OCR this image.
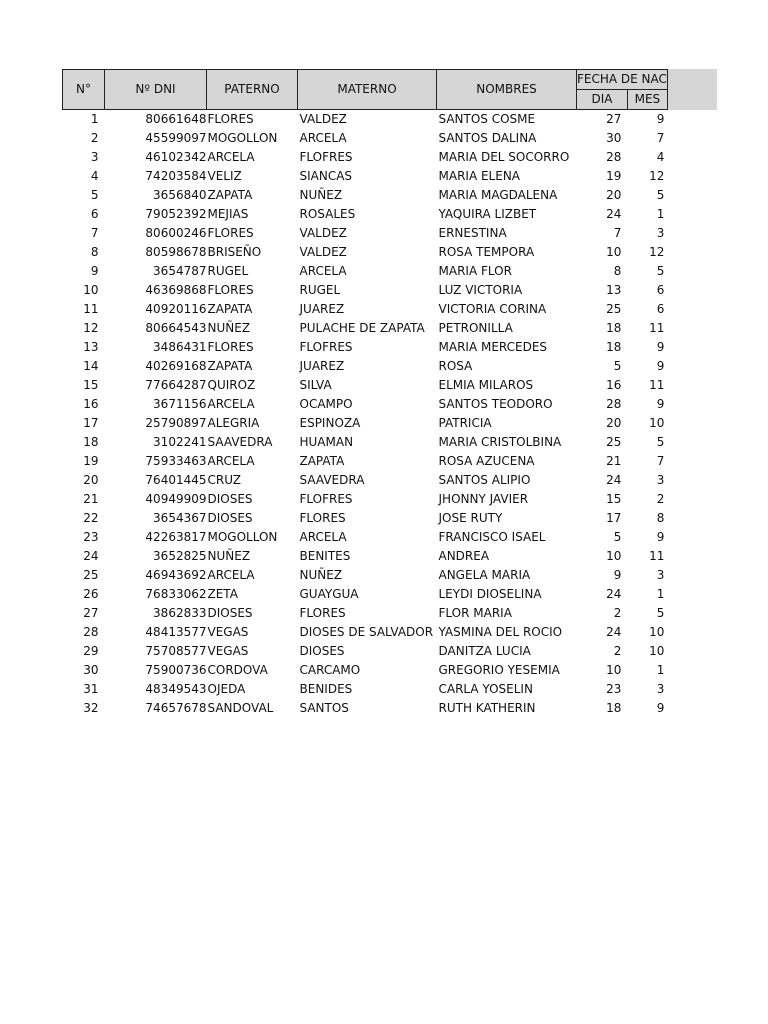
N°	Nº DNI	PATERNO	MATERNO	NOMBRES	FECHA DE NAC		
					DIA	MES	
1	80661648	FLORES	VALDEZ	SANTOS COSME	27	9	
2	45599097	MOGOLLON	ARCELA	SANTOS DALINA	30	7	
3	46102342	ARCELA	FLOFRES	MARIA DEL SOCORRO	28	4	
4	74203584	VELIZ	SIANCAS	MARIA ELENA	19	12	
5	3656840	ZAPATA	NUÑEZ	MARIA MAGDALENA	20	5	
6	79052392	MEJIAS	ROSALES	YAQUIRA LIZBET	24	1	
7	80600246	FLORES	VALDEZ	ERNESTINA	7	3	
8	80598678	BRISEÑO	VALDEZ	ROSA TEMPORA	10	12	
9	3654787	RUGEL	ARCELA	MARIA FLOR	8	5	
10	46369868	FLORES	RUGEL	LUZ VICTORIA	13	6	
11	40920116	ZAPATA	JUAREZ	VICTORIA CORINA	25	6	
12	80664543	NUÑEZ	PULACHE DE ZAPATA	PETRONILLA	18	11	
13	3486431	FLORES	FLOFRES	MARIA MERCEDES	18	9	
14	40269168	ZAPATA	JUAREZ	ROSA	5	9	
15	77664287	QUIROZ	SILVA	ELMIA MILAROS	16	11	
16	3671156	ARCELA	OCAMPO	SANTOS TEODORO	28	9	
17	25790897	ALEGRIA	ESPINOZA	PATRICIA	20	10	
18	3102241	SAAVEDRA	HUAMAN	MARIA CRISTOLBINA	25	5	
19	75933463	ARCELA	ZAPATA	ROSA AZUCENA	21	7	
20	76401445	CRUZ	SAAVEDRA	SANTOS ALIPIO	24	3	
21	40949909	DIOSES	FLOFRES	JHONNY JAVIER	15	2	
22	3654367	DIOSES	FLORES	JOSE RUTY	17	8	
23	42263817	MOGOLLON	ARCELA	FRANCISCO ISAEL	5	9	
24	3652825	NUÑEZ	BENITES	ANDREA	10	11	
25	46943692	ARCELA	NUÑEZ	ANGELA MARIA	9	3	
26	76833062	ZETA	GUAYGUA	LEYDI DIOSELINA	24	1	
27	3862833	DIOSES	FLORES	FLOR MARIA	2	5	
28	48413577	VEGAS	DIOSES DE SALVADOR	YASMINA DEL ROCIO	24	10	
29	75708577	VEGAS	DIOSES	DANITZA LUCIA	2	10	
30	75900736	CORDOVA	CARCAMO	GREGORIO YESEMIA	10	1	
31	48349543	OJEDA	BENIDES	CARLA YOSELIN	23	3	
32	74657678	SANDOVAL	SANTOS	RUTH KATHERIN	18	9	
